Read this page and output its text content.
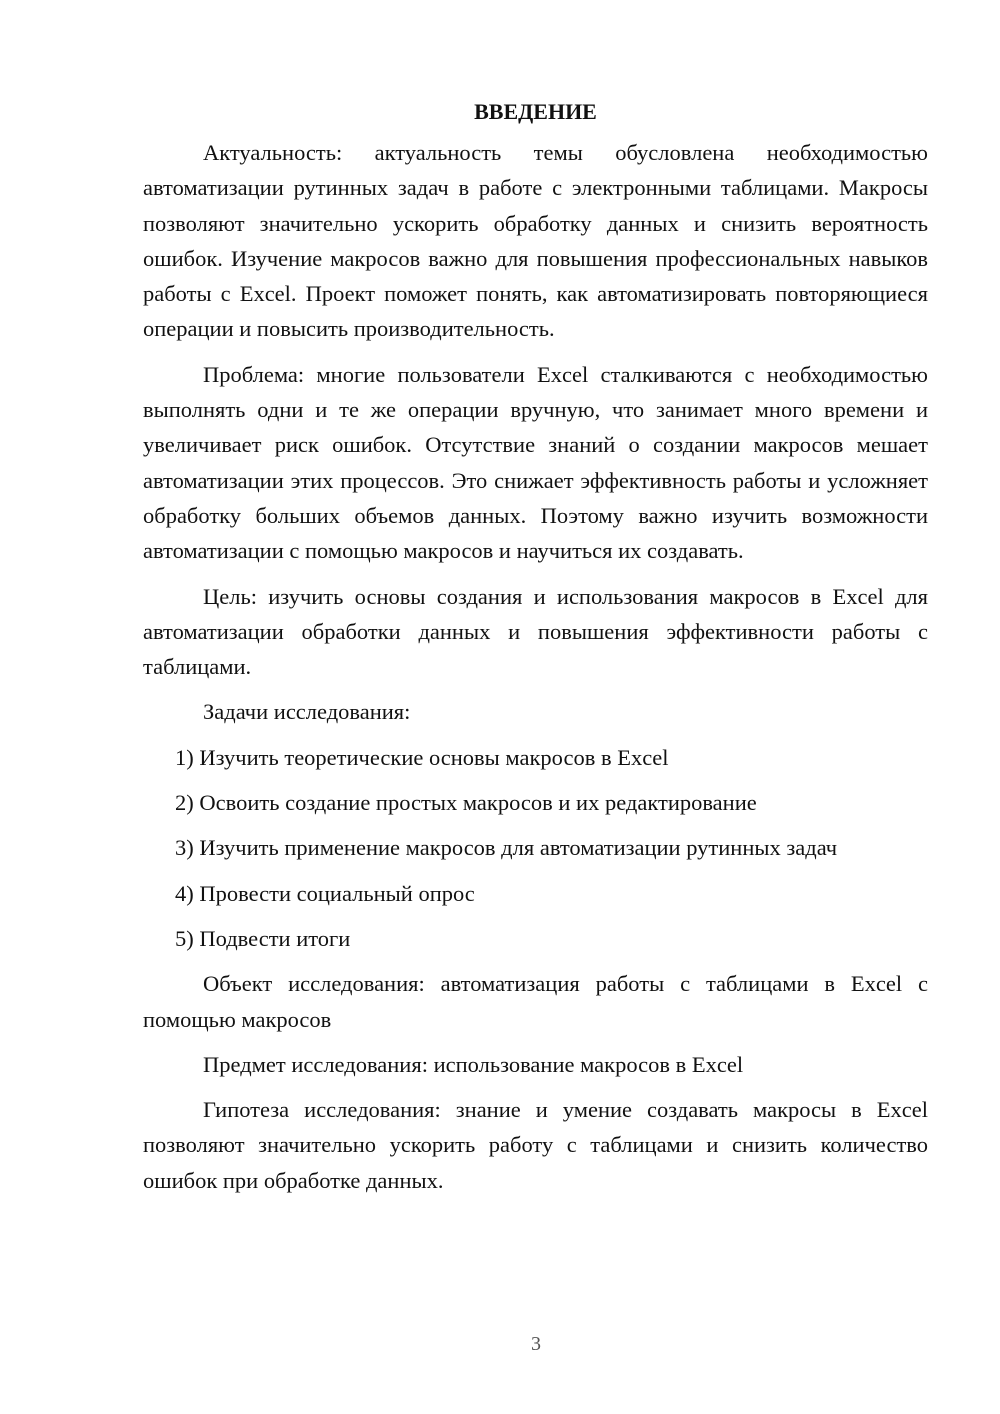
ВВЕДЕНИЕ

Актуальность: актуальность темы обусловлена необходимостью автоматизации рутинных задач в работе с электронными таблицами. Макросы позволяют значительно ускорить обработку данных и снизить вероятность ошибок. Изучение макросов важно для повышения профессиональных навыков работы с Excel. Проект поможет понять, как автоматизировать повторяющиеся операции и повысить производительность.

Проблема: многие пользователи Excel сталкиваются с необходимостью выполнять одни и те же операции вручную, что занимает много времени и увеличивает риск ошибок. Отсутствие знаний о создании макросов мешает автоматизации этих процессов. Это снижает эффективность работы и усложняет обработку больших объемов данных. Поэтому важно изучить возможности автоматизации с помощью макросов и научиться их создавать.

Цель: изучить основы создания и использования макросов в Excel для автоматизации обработки данных и повышения эффективности работы с таблицами.

Задачи исследования:

1) Изучить теоретические основы макросов в Excel
2) Освоить создание простых макросов и их редактирование
3) Изучить применение макросов для автоматизации рутинных задач
4) Провести социальный опрос
5) Подвести итоги

Объект исследования: автоматизация работы с таблицами в Excel с помощью макросов

Предмет исследования: использование макросов в Excel

Гипотеза исследования: знание и умение создавать макросы в Excel позволяют значительно ускорить работу с таблицами и снизить количество ошибок при обработке данных.

3
